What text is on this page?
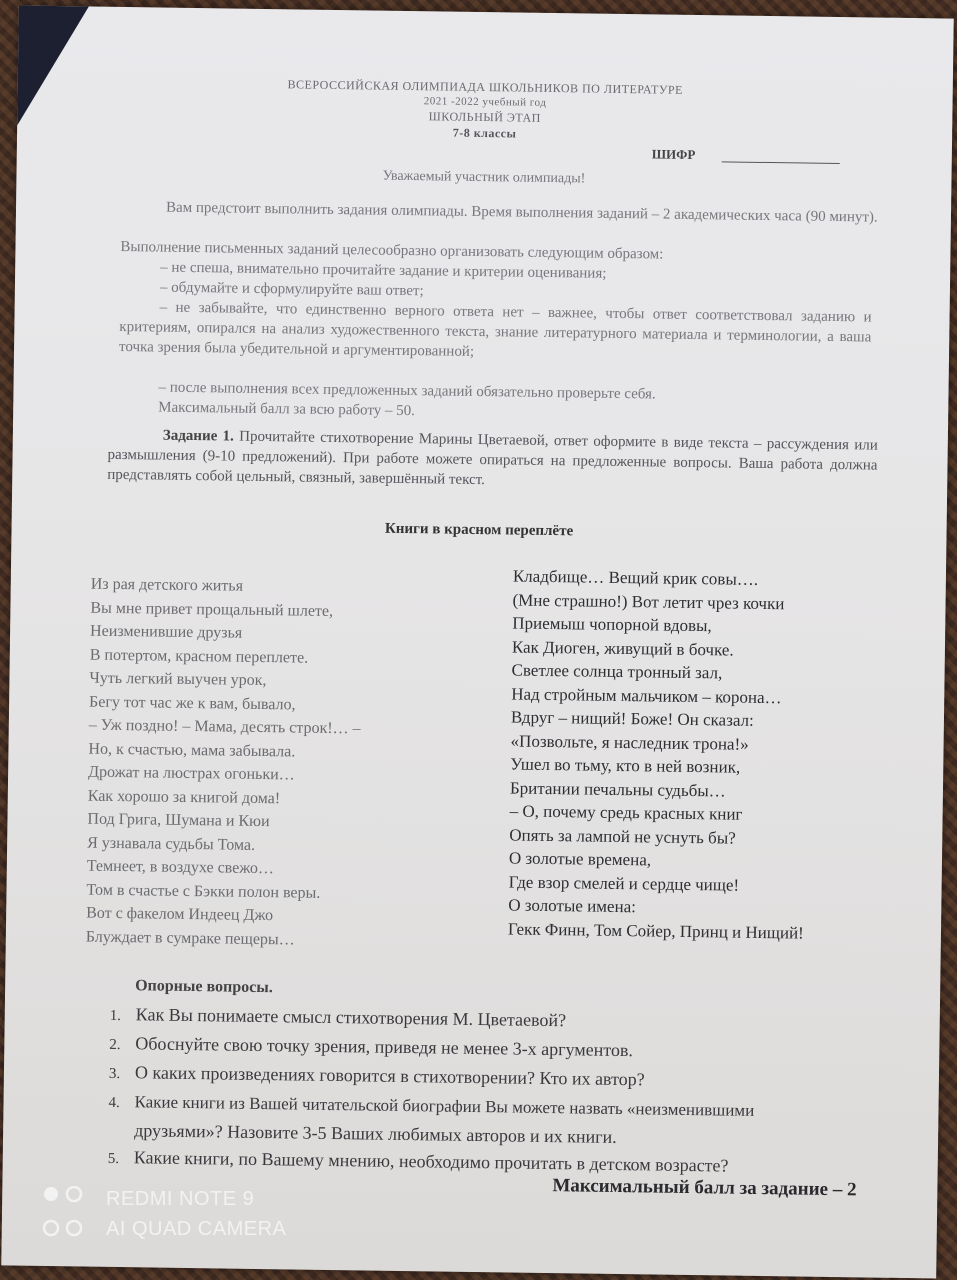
ВСЕРОССИЙСКАЯ ОЛИМПИАДА ШКОЛЬНИКОВ ПО ЛИТЕРАТУРЕ
2021 -2022 учебный год
ШКОЛЬНЫЙ ЭТАП
7-8 классы
ШИФР
Уважаемый участник олимпиады!
Вам предстоит выполнить задания олимпиады. Время выполнения заданий – 2 академических часа (90 минут).
Выполнение письменных заданий целесообразно организовать следующим образом:
– не спеша, внимательно прочитайте задание и критерии оценивания;
– обдумайте и сформулируйте ваш ответ;
– не забывайте, что единственно верного ответа нет – важнее, чтобы ответ соответствовал заданию и критериям, опирался на анализ художественного текста, знание литературного материала и терминологии, а ваша точка зрения была убедительной и аргументированной;
– после выполнения всех предложенных заданий обязательно проверьте себя.
Максимальный балл за всю работу – 50.
Задание 1. Прочитайте стихотворение Марины Цветаевой, ответ оформите в виде текста – рассуждения или размышления (9-10 предложений). При работе можете опираться на предложенные вопросы. Ваша работа должна представлять собой цельный, связный, завершённый текст.
Книги в красном переплёте
Из рая детского житья
Вы мне привет прощальный шлете,
Неизменившие друзья
В потертом, красном переплете.
Чуть легкий выучен урок,
Бегу тот час же к вам, бывало,
– Уж поздно! – Мама, десять строк!… –
Но, к счастью, мама забывала.
Дрожат на люстрах огоньки…
Как хорошо за книгой дома!
Под Грига, Шумана и Кюи
Я узнавала судьбы Тома.
Темнеет, в воздухе свежо…
Том в счастье с Бэкки полон веры.
Вот с факелом Индеец Джо
Блуждает в сумраке пещеры…
Кладбище… Вещий крик совы….
(Мне страшно!) Вот летит чрез кочки
Приемыш чопорной вдовы,
Как Диоген, живущий в бочке.
Светлее солнца тронный зал,
Над стройным мальчиком – корона…
Вдруг – нищий! Боже! Он сказал:
«Позвольте, я наследник трона!»
Ушел во тьму, кто в ней возник,
Британии печальны судьбы…
– О, почему средь красных книг
Опять за лампой не уснуть бы?
О золотые времена,
Где взор смелей и сердце чище!
О золотые имена:
Гекк Финн, Том Сойер, Принц и Нищий!
Опорные вопросы.
1. Как Вы понимаете смысл стихотворения М. Цветаевой?
2. Обоснуйте свою точку зрения, приведя не менее 3-х аргументов.
3. О каких произведениях говорится в стихотворении? Кто их автор?
4. Какие книги из Вашей читательской биографии Вы можете назвать «неизменившими
друзьями»? Назовите 3-5 Ваших любимых авторов и их книги.
5. Какие книги, по Вашему мнению, необходимо прочитать в детском возрасте?
Максимальный балл за задание – 2
REDMI NOTE 9
AI QUAD CAMERA
